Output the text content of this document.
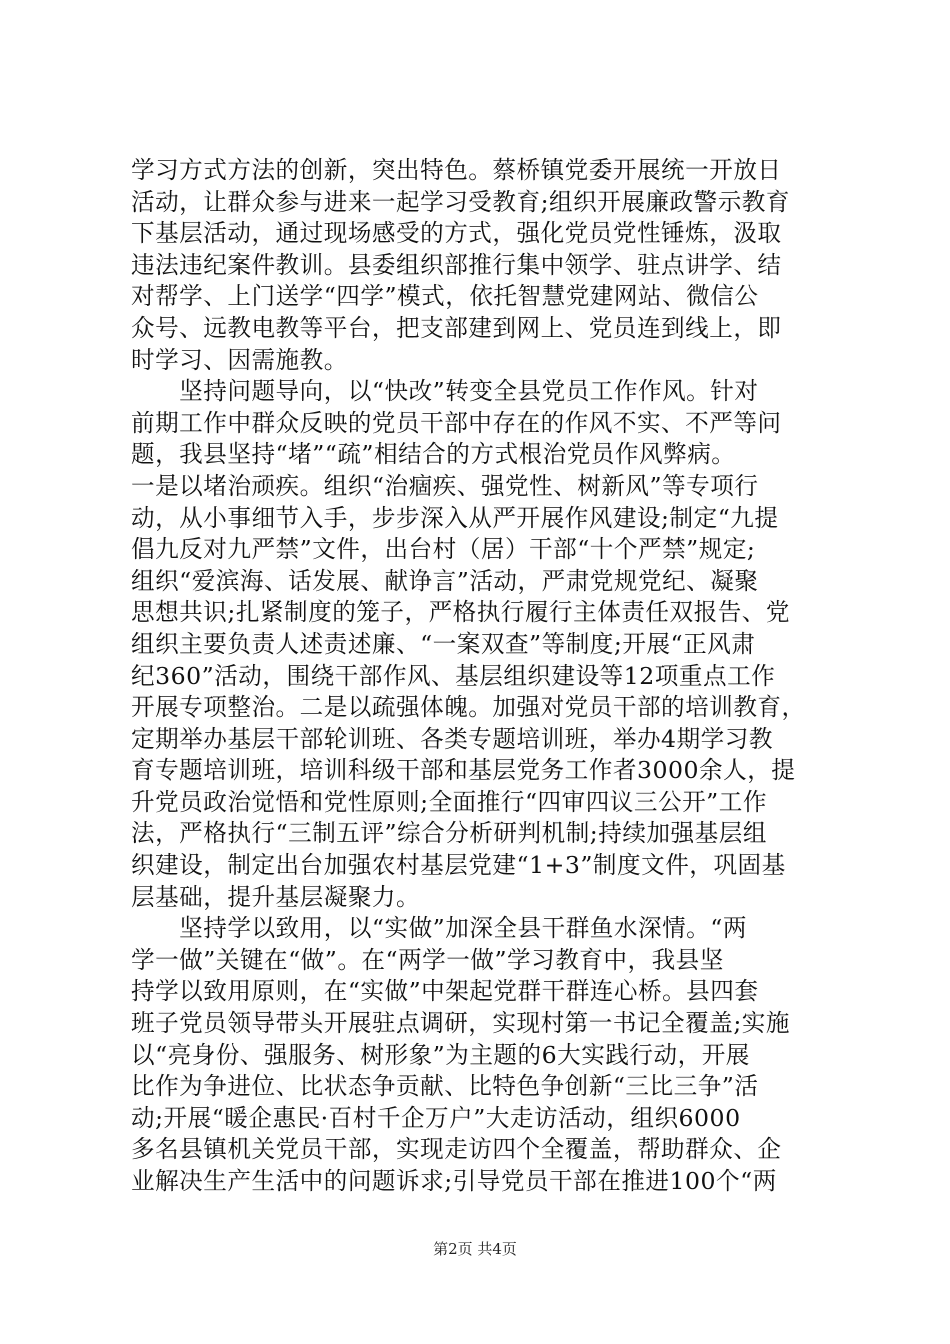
学习方式方法的创新，突出特色。蔡桥镇党委开展统一开放日
活动，让群众参与进来一起学习受教育;组织开展廉政警示教育
下基层活动，通过现场感受的方式，强化党员党性锤炼，汲取
违法违纪案件教训。县委组织部推行集中领学、驻点讲学、结
对帮学、上门送学“四学”模式，依托智慧党建网站、微信公
众号、远教电教等平台，把支部建到网上、党员连到线上，即
时学习、因需施教。
　　坚持问题导向，以“快改”转变全县党员工作作风。针对
前期工作中群众反映的党员干部中存在的作风不实、不严等问
题，我县坚持“堵”“疏”相结合的方式根治党员作风弊病。
一是以堵治顽疾。组织“治痼疾、强党性、树新风”等专项行
动，从小事细节入手，步步深入从严开展作风建设;制定“九提
倡九反对九严禁”文件，出台村（居）干部“十个严禁”规定;
组织“爱滨海、话发展、献诤言”活动，严肃党规党纪、凝聚
思想共识;扎紧制度的笼子，严格执行履行主体责任双报告、党
组织主要负责人述责述廉、“一案双查”等制度;开展“正风肃
纪360”活动，围绕干部作风、基层组织建设等12项重点工作
开展专项整治。二是以疏强体魄。加强对党员干部的培训教育，
定期举办基层干部轮训班、各类专题培训班，举办4期学习教
育专题培训班，培训科级干部和基层党务工作者3000余人，提
升党员政治觉悟和党性原则;全面推行“四审四议三公开”工作
法，严格执行“三制五评”综合分析研判机制;持续加强基层组
织建设，制定出台加强农村基层党建“1+3”制度文件，巩固基
层基础，提升基层凝聚力。
　　坚持学以致用，以“实做”加深全县干群鱼水深情。“两
学一做”关键在“做”。在“两学一做”学习教育中，我县坚
持学以致用原则，在“实做”中架起党群干群连心桥。县四套
班子党员领导带头开展驻点调研，实现村第一书记全覆盖;实施
以“亮身份、强服务、树形象”为主题的6大实践行动，开展
比作为争进位、比状态争贡献、比特色争创新“三比三争”活
动;开展“暖企惠民·百村千企万户”大走访活动，组织6000
多名县镇机关党员干部，实现走访四个全覆盖，帮助群众、企
业解决生产生活中的问题诉求;引导党员干部在推进100个“两
第2页 共4页
